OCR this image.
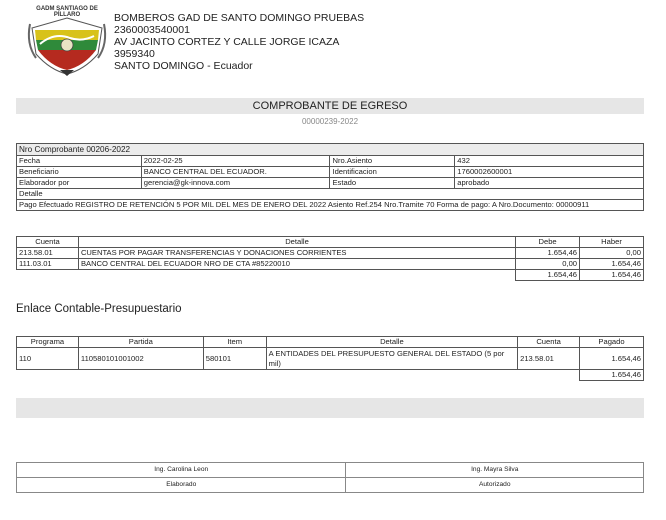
GADM SANTIAGO DE PÍLLARO	BOMBEROS GAD DE SANTO DOMINGO PRUEBAS
2360003540001
AV JACINTO CORTEZ Y CALLE JORGE ICAZA
3959340
SANTO DOMINGO - Ecuador
COMPROBANTE DE EGRESO
00000239-2022
Nro Comprobante 00206-2022			
Fecha	2022-02-25	Nro.Asiento	432
Beneficiario	BANCO CENTRAL DEL ECUADOR.	Identificacion	1760002600001
Elaborador por	gerencia@gk-innova.com	Estado	aprobado
Detalle			
Pago Efectuado REGISTRO DE RETENCIÓN 5 POR MIL DEL MES DE ENERO DEL 2022 Asiento Ref.254 Nro.Tramite 70 Forma de pago: A Nro.Documento: 00000911			
Cuenta	Detalle	Debe	Haber
213.58.01	CUENTAS POR PAGAR TRANSFERENCIAS Y DONACIONES CORRIENTES	1.654,46	0,00
111.03.01	BANCO CENTRAL DEL ECUADOR NRO DE CTA #85220010	0,00	1.654,46
		1.654,46	1.654,46
Enlace Contable-Presupuestario
Programa	Partida	Item	Detalle	Cuenta	Pagado
110	110580101001002	580101	A ENTIDADES DEL PRESUPUESTO GENERAL DEL ESTADO (5 por mil)	213.58.01	1.654,46
					1.654,46
Ing. Carolina Leon	Ing. Mayra Silva
Elaborado	Autorizado
